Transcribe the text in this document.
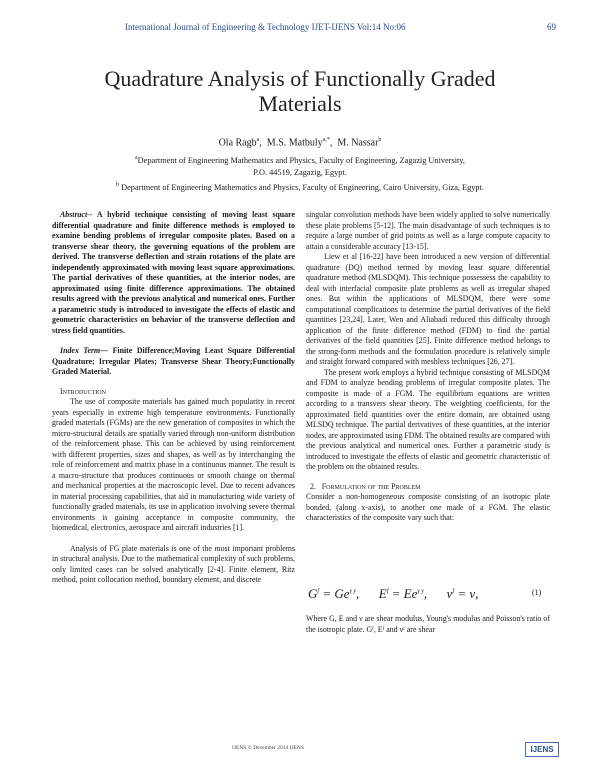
International Journal of Engineering & Technology IJET-IJENS Vol:14 No:06	69
Quadrature Analysis of Functionally Graded Materials
Ola Ragb$^a$,  M.S. Matbuly$^{a,*}$,  M. Nassar$^b$
$^a$Department of Engineering Mathematics and Physics, Faculty of Engineering, Zagazig University,
P.O. 44519, Zagazig, Egypt.
$^b$ Department of Engineering Mathematics and Physics, Faculty of Engineering, Cairo University, Giza, Egypt.

Abstract-- A hybrid technique consisting of moving least square differential quadrature and finite difference methods is employed to examine bending problems of irregular composite plates. Based on a transverse shear theory, the governing equations of the problem are derived. The transverse deflection and strain rotations of the plate are independently approximated with moving least square approximations. The partial derivatives of these quantities, at the interior nodes, are approximated using finite difference approximations. The obtained results agreed with the previous analytical and numerical ones. Further a parametric study is introduced to investigate the effects of elastic and geometric characteristics on behavior of the transverse deflection and stress field quantities.

Index Term— Finite Difference;Moving Least Square Differential Quadrature; Irregular Plates; Transverse Shear Theory;Functionally Graded Material.

Introduction

The use of composite materials has gained much popularity in recent years especially in extreme high temperature environments. Functionally graded materials (FGMs) are the new generation of composites in which the micro-structural details are spatially varied through non-uniform distribution of the reinforcement phase. This can be achieved by using reinforcement with different properties, sizes and shapes, as well as by interchanging the role of reinforcement and matrix phase in a continuous manner. The result is a macro-structure that produces continuous or smooth change on thermal and mechanical properties at the macroscopic level. Due to recent advances in material processing capabilities, that aid in manufacturing wide variety of functionally graded materials, its use in application involving severe thermal environments is gaining acceptance in composite community, the biomedical, electronics, aerospace and aircraft industries [1].

Analysis of FG plate materials is one of the most important problems in structural analysis. Due to the mathematical complexity of such problems, only limited cases can be solved analytically [2-4]. Finite element, Ritz method, point collocation method, boundary element, and discrete

singular convolution methods have been widely applied to solve numerically these plate problems [5-12]. The main disadvantage of such techniques is to require a large number of grid points as well as a large compute capacity to attain a considerable accuracy [13-15].

Liew et al [16-22] have been introduced a new version of differential quadrature (DQ) method termed by moving least square differential quadrature method (MLSDQM). This technique possessess the capability to deal with interfacial composite plate problems as well as irregular shaped ones. But within the applications of MLSDQM, there were some computational complications to determine the partial derivatives of the field quantities [23,24]. Later, Wen and Aliabadi reduced this difficulty through application of the finite difference method (FDM) to find the partial derivatives of the field quantities [25]. Finite difference method belongs to the strong-form methods and the formulation procedure is relatively simple and straight forward compared with meshless techniques [26, 27].

The present work employs a hybrid technique consisting of MLSDQM and FDM to analyze bending problems of irregular composite plates. The composite is made of a FGM. The equilibrium equations are written according to a transvers shear theory. The weighting coefficients, for the approximated field quantities over the entire domain, are obtained using MLSDQ technique. The partial derivatives of these quantities, at the interior nodes, are approximated using FDM. The obtained results are compared with the previous analytical and numerical ones. Further a parametric study is introduced to investigate the effects of elastic and geometric characteristic of the problem on the obtained results.

2. Formulation of the Problem

Consider a non-homogeneous composite consisting of an isotropic plate bonded, (along x-axis), to another one made of a FGM. The elastic characteristics of the composite vary such that:

$G^f = Ge^{\gamma y}$,      $E^f = Ee^{\gamma y}$,      $\nu^f = \nu$,	(1)

Where G, E and ν are shear modulus, Young's modulus and Poisson's ratio of the isotropic plate. Gᶠ, Eᶠ and νᶠ are shear

IJENS © December 2014 IJENS	IJENS
